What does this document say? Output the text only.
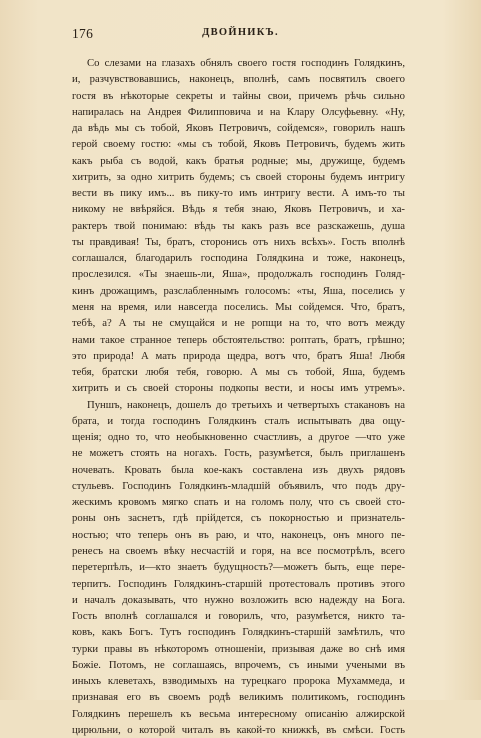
176	ДВОЙНИКЪ.
Со слезами на глазахъ обнялъ своего гостя господинъ Голядкинъ,
и, разчувствовавшись, наконецъ, вполнѣ, самъ посвятилъ своего
гостя въ нѣкоторые секреты и тайны свои, причемъ рѣчь сильно
напиралась на Андрея Филипповича и на Клару Олсуфьевну. «Ну,
да вѣдь мы съ тобой, Яковъ Петровичъ, сойдемся», говорилъ нашъ
герой своему гостю: «мы съ тобой, Яковъ Петровичъ, будемъ жить
какъ рыба съ водой, какъ братья родные; мы, дружище, будемъ
хитрить, за одно хитрить будемъ; съ своей стороны будемъ интригу
вести въ пику имъ... въ пику-то имъ интригу вести. А имъ-то ты
никому не ввѣряйся. Вѣдь я тебя знаю, Яковъ Петровичъ, и ха-
рактеръ твой понимаю: вѣдь ты какъ разъ все разскажешь, душа
ты правдивая! Ты, братъ, сторонись отъ нихъ всѣхъ». Гость вполнѣ
соглашался, благодарилъ господина Голядкина и тоже, наконецъ,
прослезился. «Ты знаешь-ли, Яша», продолжалъ господинъ Голяд-
кинъ дрожащимъ, разслабленнымъ голосомъ: «ты, Яша, поселись у
меня на время, или навсегда поселись. Мы сойдемся. Что, братъ,
тебѣ, а? А ты не смущайся и не ропщи на то, что вотъ между
нами такое странное теперь обстоятельство: роптать, братъ, грѣшно;
это природа! А мать природа щедра, вотъ что, братъ Яша! Любя
тебя, братски любя тебя, говорю. А мы съ тобой, Яша, будемъ
хитрить и съ своей стороны подкопы вести, и носы имъ утремъ».
Пуншъ, наконецъ, дошелъ до третьихъ и четвертыхъ стакановъ на
брата, и тогда господинъ Голядкинъ сталъ испытывать два ощу-
щенія; одно то, что необыкновенно счастливъ, а другое —что уже
не можетъ стоять на ногахъ. Гость, разумѣется, былъ приглашенъ
ночевать. Кровать была кое-какъ составлена изъ двухъ рядовъ
стульевъ. Господинъ Голядкинъ-младшій объявилъ, что подъ дру-
жескимъ кровомъ мягко спать и на голомъ полу, что съ своей сто-
роны онъ заснетъ, гдѣ прійдется, съ покорностью и признатель-
ностью; что теперь онъ въ раю, и что, наконецъ, онъ много пе-
ренесъ на своемъ вѣку несчастій и горя, на все посмотрѣлъ, всего
перетерпѣлъ, и—кто знаетъ будущность?—можетъ быть, еще пере-
терпитъ. Господинъ Голядкинъ-старшій протестовалъ противъ этого
и началъ доказывать, что нужно возложить всю надежду на Бога.
Гость вполнѣ соглашался и говорилъ, что, разумѣется, никто та-
ковъ, какъ Богъ. Тутъ господинъ Голядкинъ-старшій замѣтилъ, что
турки правы въ нѣкоторомъ отношеніи, призывая даже во снѣ имя
Божіе. Потомъ, не соглашаясь, впрочемъ, съ иными учеными въ
иныхъ клеветахъ, взводимыхъ на турецкаго пророка Мухаммеда, и
признавая его въ своемъ родѣ великимъ политикомъ, господинъ
Голядкинъ перешелъ къ весьма интересному описанію алжирской
цирюльни, о которой читалъ въ какой-то книжкѣ, въ смѣси. Гость
